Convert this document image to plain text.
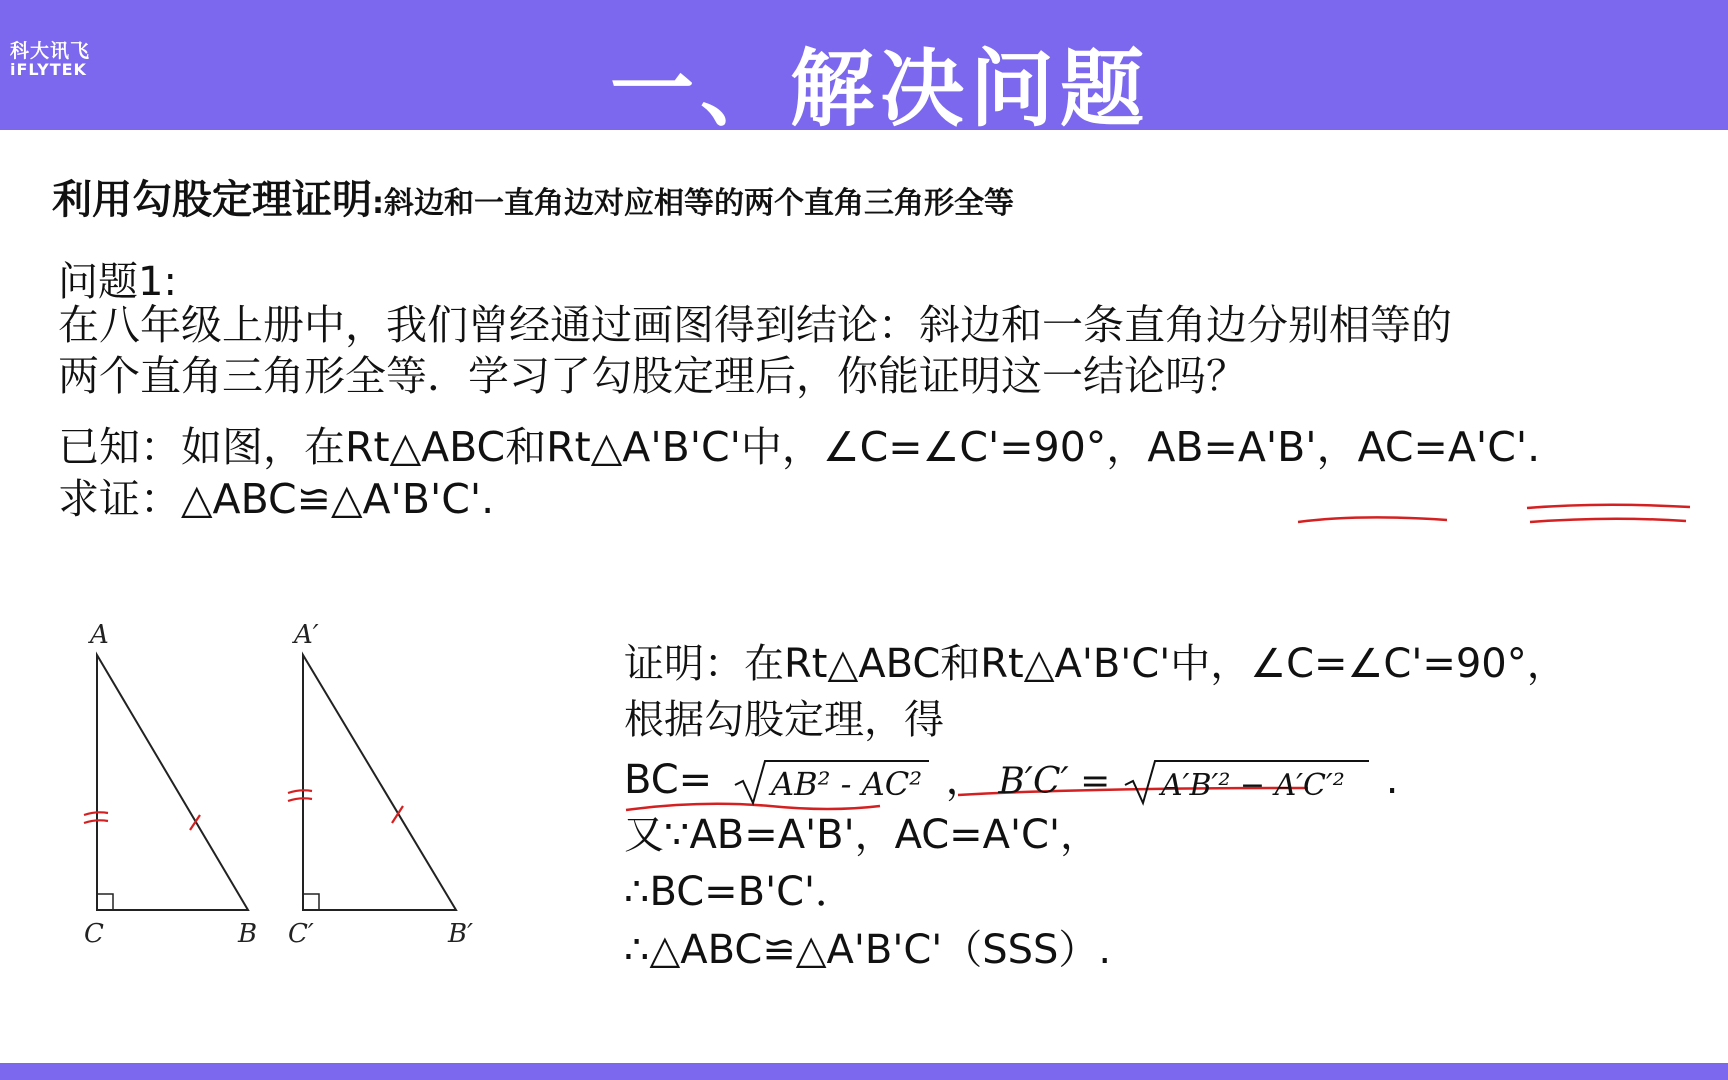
科大讯飞
iFLYTEK	一、解决问题
利用勾股定理证明:斜边和一直角边对应相等的两个直角三角形全等
问题1:
在八年级上册中，我们曾经通过画图得到结论：斜边和一条直角边分别相等的
两个直角三角形全等．学习了勾股定理后，你能证明这一结论吗？
已知：如图，在Rt△ABC和Rt△A'B'C'中，∠C=∠C'=90°，AB=A'B'，AC=A'C'.
求证：△ABC≌△A'B'C'.
A
C	B
A′
C′	B′
证明：在Rt△ABC和Rt△A'B'C'中，∠C=∠C'=90°，
根据勾股定理，得
BC= AB² - AC² ， B′C′ = A′B′² − A′C′² .
又∵AB=A'B'，AC=A'C'，
∴BC=B'C'．
∴△ABC≌△A'B'C'（SSS）.
